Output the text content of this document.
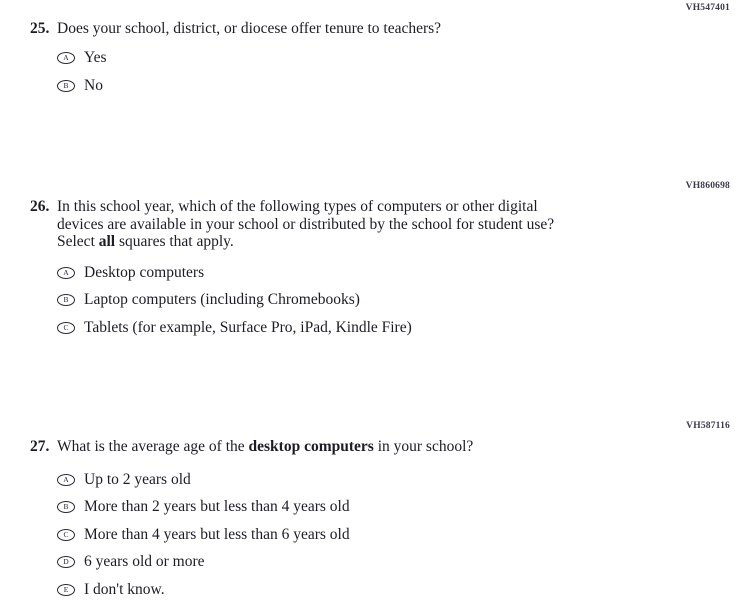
VH547401
25. Does your school, district, or diocese offer tenure to teachers?
A Yes
B	No
VH860698
26. In this school year, which of the following types of computers or other digital devices are available in your school or distributed by the school for student use? Select all squares that apply.
A Desktop computers
B	Laptop computers (including Chromebooks)
C	Tablets (for example, Surface Pro, iPad, Kindle Fire)
VH587116
27. What is the average age of the desktop computers in your school?
A Up to 2 years old
B	More than 2 years but less than 4 years old
C	More than 4 years but less than 6 years old
D 6 years old or more
E	I don't know.
